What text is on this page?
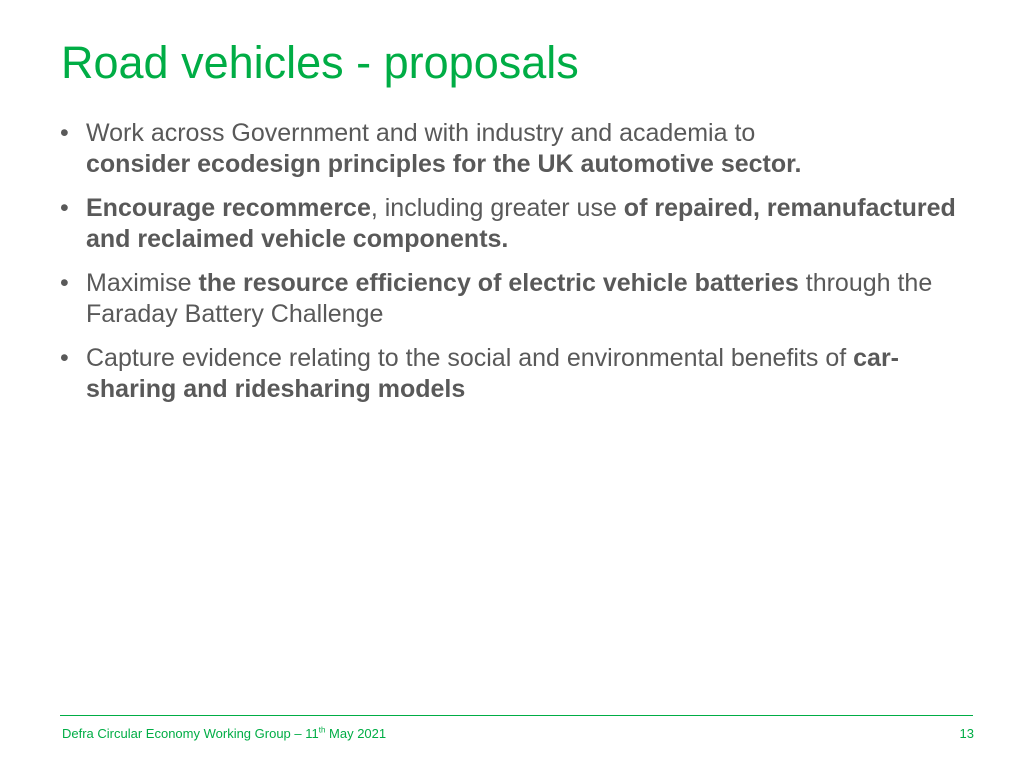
Road vehicles - proposals
• Work across Government and with industry and academia to
consider ecodesign principles for the UK automotive sector.
• Encourage recommerce, including greater use of repaired, remanufactured and reclaimed vehicle components.
• Maximise the resource efficiency of electric vehicle batteries through the Faraday Battery Challenge
• Capture evidence relating to the social and environmental benefits of car-sharing and ridesharing models
Defra Circular Economy Working Group – 11th May 2021	13
